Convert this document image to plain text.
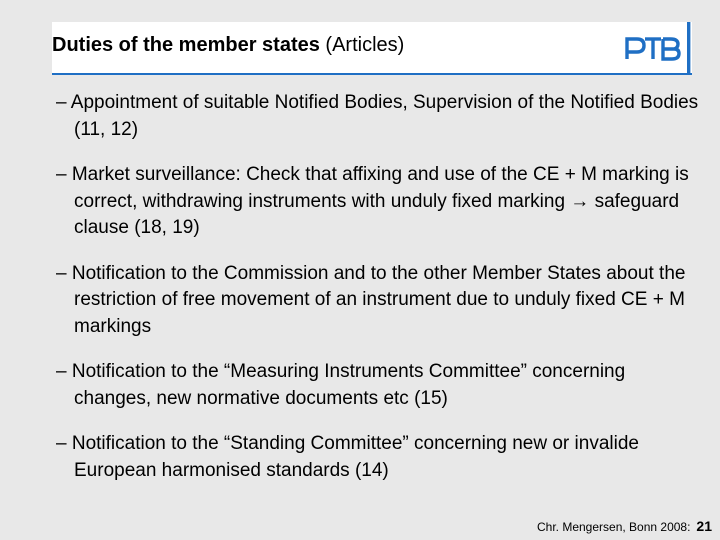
Duties of the member states (Articles)
– Appointment of suitable Notified Bodies, Supervision of the Notified Bodies (11, 12)
– Market surveillance: Check that affixing and use of the CE + M marking is correct, withdrawing instruments with unduly fixed marking → safeguard clause (18, 19)
– Notification to the Commission and to the other Member States about the restriction of free movement of an instrument due to unduly fixed CE + M markings
– Notification to the “Measuring Instruments Committee” concerning changes, new normative documents etc (15)
– Notification to the “Standing Committee” concerning new or invalide European harmonised standards (14)
Chr. Mengersen, Bonn 2008: 21
